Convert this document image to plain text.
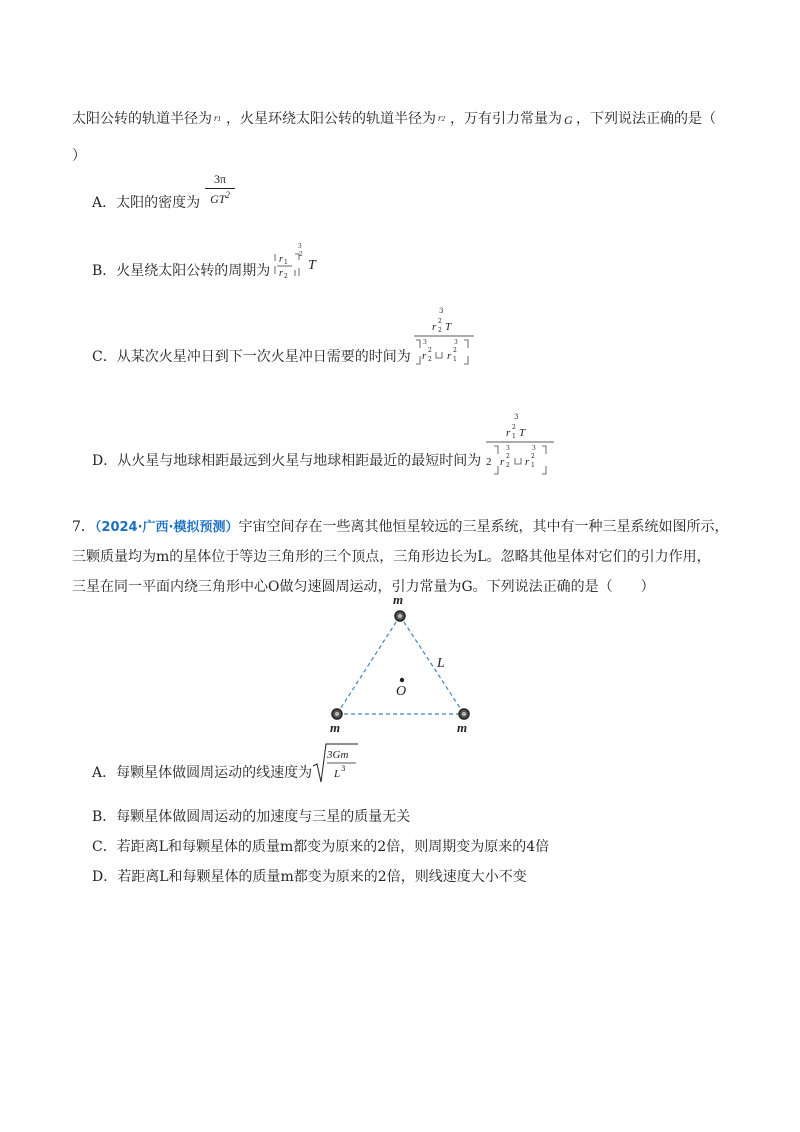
太阳公转的轨道半径为 r1 ，火星环绕太阳公转的轨道半径为 r2 ，万有引力常量为 G ，下列说法正确的是（
）
A．太阳的密度为
3π
$GT^2$
B．火星绕太阳公转的周期为
3
r 1
r 2
2
T
C．从某次火星冲日到下一次火星冲日需要的时间为
3
r 2
2 T
3
r 2
2
3
r 1
2
D．从火星与地球相距最远到火星与地球相距最近的最短时间为
3
r 1
2 T
2
3
r 2
2
3
r 1
2
7．（2024·广西·模拟预测）宇宙空间存在一些离其他恒星较远的三星系统，其中有一种三星系统如图所示，
三颗质量均为m的星体位于等边三角形的三个顶点，三角形边长为L。忽略其他星体对它们的引力作用，
三星在同一平面内绕三角形中心O做匀速圆周运动，引力常量为G。下列说法正确的是（　　）
m
m	m
L
O
A．每颗星体做圆周运动的线速度为
3Gm
L 3
B．每颗星体做圆周运动的加速度与三星的质量无关
C．若距离L和每颗星体的质量m都变为原来的2倍，则周期变为原来的4倍
D．若距离L和每颗星体的质量m都变为原来的2倍，则线速度大小不变
